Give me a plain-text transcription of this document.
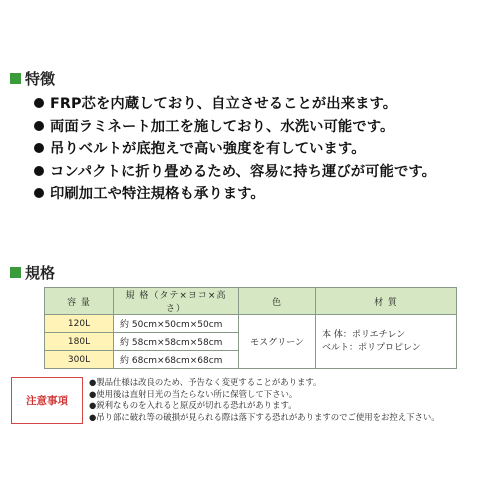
特徴
FRP芯を内蔵しており、自立させることが出来ます。
両面ラミネート加工を施しており、水洗い可能です。
吊りベルトが底抱えで高い強度を有しています。
コンパクトに折り畳めるため、容易に持ち運びが可能です。
印刷加工や特注規格も承ります。
規格
容 量	規 格（タテ×ヨコ×高さ）	色	材 質
120L	約 50cm×50cm×50cm	モスグリーン	本 体：ポリエチレン
ベルト：ポリプロピレン

180L	約 58cm×58cm×58cm		
300L	約 68cm×68cm×68cm		
注意事項
●製品仕様は改良のため、予告なく変更することがあります。
●使用後は直射日光の当たらない所に保管して下さい。
●鋭利なものを入れると原反が切れる恐れがあります。
●吊り部に破れ等の破損が見られる際は落下する恐れがありますのでご使用をお控え下さい。
